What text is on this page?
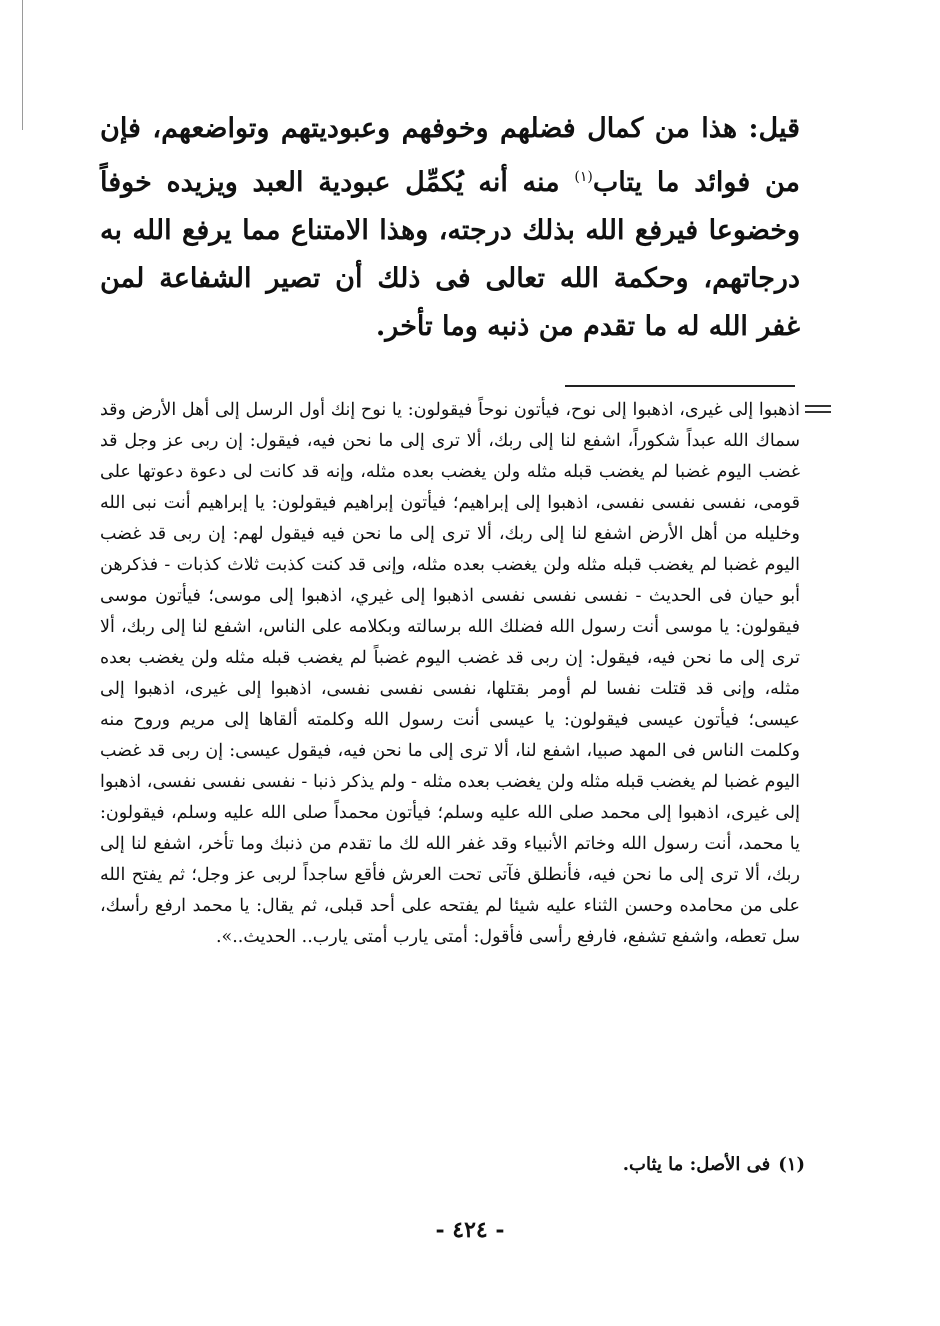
قيل: هذا من كمال فضلهم وخوفهم وعبوديتهم وتواضعهم، فإن من فوائد ما يتاب$^{(١)}$ منه أنه يُكمِّل عبودية العبد ويزيده خوفاً وخضوعا فيرفع الله بذلك درجته، وهذا الامتناع مما يرفع الله به درجاتهم، وحكمة الله تعالى فى ذلك أن تصير الشفاعة لمن غفر الله له ما تقدم من ذنبه وما تأخر.
اذهبوا إلى غيرى، اذهبوا إلى نوح، فيأتون نوحاً فيقولون: يا نوح إنك أول الرسل إلى أهل الأرض وقد سماك الله عبداً شكوراً، اشفع لنا إلى ربك، ألا ترى إلى ما نحن فيه، فيقول: إن ربى عز وجل قد غضب اليوم غضبا لم يغضب قبله مثله ولن يغضب بعده مثله، وإنه قد كانت لى دعوة دعوتها على قومى، نفسى نفسى نفسى، اذهبوا إلى إبراهيم؛ فيأتون إبراهيم فيقولون: يا إبراهيم أنت نبى الله وخليله من أهل الأرض اشفع لنا إلى ربك، ألا ترى إلى ما نحن فيه فيقول لهم: إن ربى قد غضب اليوم غضبا لم يغضب قبله مثله ولن يغضب بعده مثله، وإنى قد كنت كذبت ثلاث كذبات - فذكرهن أبو حيان فى الحديث - نفسى نفسى نفسى اذهبوا إلى غيري، اذهبوا إلى موسى؛ فيأتون موسى فيقولون: يا موسى أنت رسول الله فضلك الله برسالته وبكلامه على الناس، اشفع لنا إلى ربك، ألا ترى إلى ما نحن فيه، فيقول: إن ربى قد غضب اليوم غضباً لم يغضب قبله مثله ولن يغضب بعده مثله، وإنى قد قتلت نفسا لم أومر بقتلها، نفسى نفسى نفسى، اذهبوا إلى غيرى، اذهبوا إلى عيسى؛ فيأتون عيسى فيقولون: يا عيسى أنت رسول الله وكلمته ألقاها إلى مريم وروح منه وكلمت الناس فى المهد صبيا، اشفع لنا، ألا ترى إلى ما نحن فيه، فيقول عيسى: إن ربى قد غضب اليوم غضبا لم يغضب قبله مثله ولن يغضب بعده مثله - ولم يذكر ذنبا - نفسى نفسى نفسى، اذهبوا إلى غيرى، اذهبوا إلى محمد صلى الله عليه وسلم؛ فيأتون محمداً صلى الله عليه وسلم، فيقولون: يا محمد، أنت رسول الله وخاتم الأنبياء وقد غفر الله لك ما تقدم من ذنبك وما تأخر، اشفع لنا إلى ربك، ألا ترى إلى ما نحن فيه، فأنطلق فآتى تحت العرش فأقع ساجداً لربى عز وجل؛ ثم يفتح الله على من محامده وحسن الثناء عليه شيئا لم يفتحه على أحد قبلى، ثم يقال: يا محمد ارفع رأسك، سل تعطه، واشفع تشفع، فارفع رأسى فأقول: أمتى يارب أمتى يارب.. الحديث..».
(١)فى الأصل: ما يثاب.
- ٤٢٤ -
